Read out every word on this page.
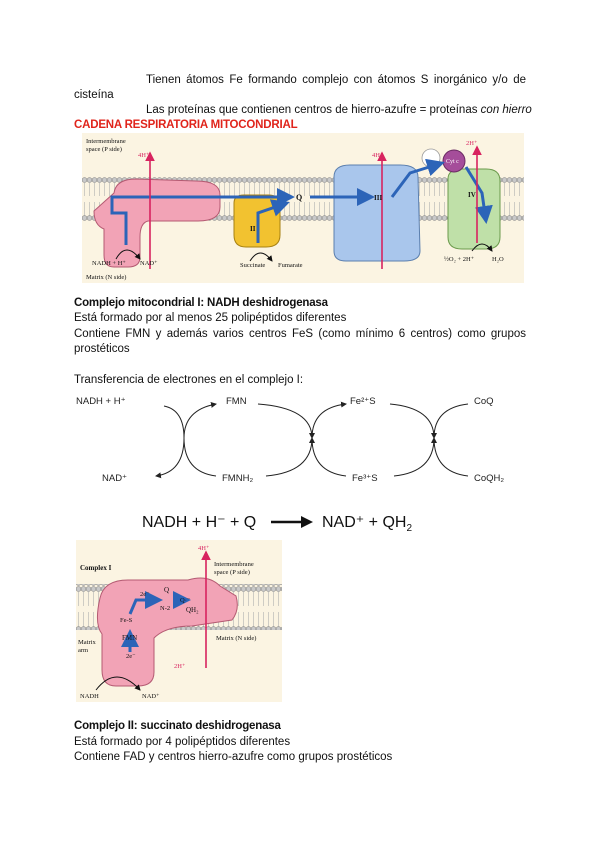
Tienen átomos Fe formando complejo con átomos S inorgánico y/o de
cisteína
Las proteínas que contienen centros de hierro-azufre = proteínas con hierro
CADENA RESPIRATORIA MITOCONDRIAL
Intermembrane
space (P side)
Matrix (N side)
4H⁺	4H⁺
2H⁺
NADH + H⁺ NAD⁺	Succinate Fumarate
Q
II
III	IV
Cyt c
½O₂ + 2H⁺	H₂O
Complejo mitocondrial I: NADH deshidrogenasa
Está formado por al menos 25 polipéptidos diferentes
Contiene FMN y además varios centros FeS (como mínimo 6 centros) como grupos
prostéticos
Transferencia de electrones en el complejo I:
NADH + H⁺	FMN	Fe²⁺S	CoQ
NAD⁺	FMNH₂	Fe³⁺S	CoQH₂
NADH + H⁻ + Q	$NAD^+ + QH_2$
Complex I
4H⁺
Intermembrane
space (P side)
Matrix (N side)
Matrix
arm
FMN
Fe-S
N-2
Q
Q·⁻
QH₂
2e⁻
2e⁻
2H⁺
NADH	NAD⁺
Complejo II: succinato deshidrogenasa
Está formado por 4 polipéptidos diferentes
Contiene FAD y centros hierro-azufre como grupos prostéticos
